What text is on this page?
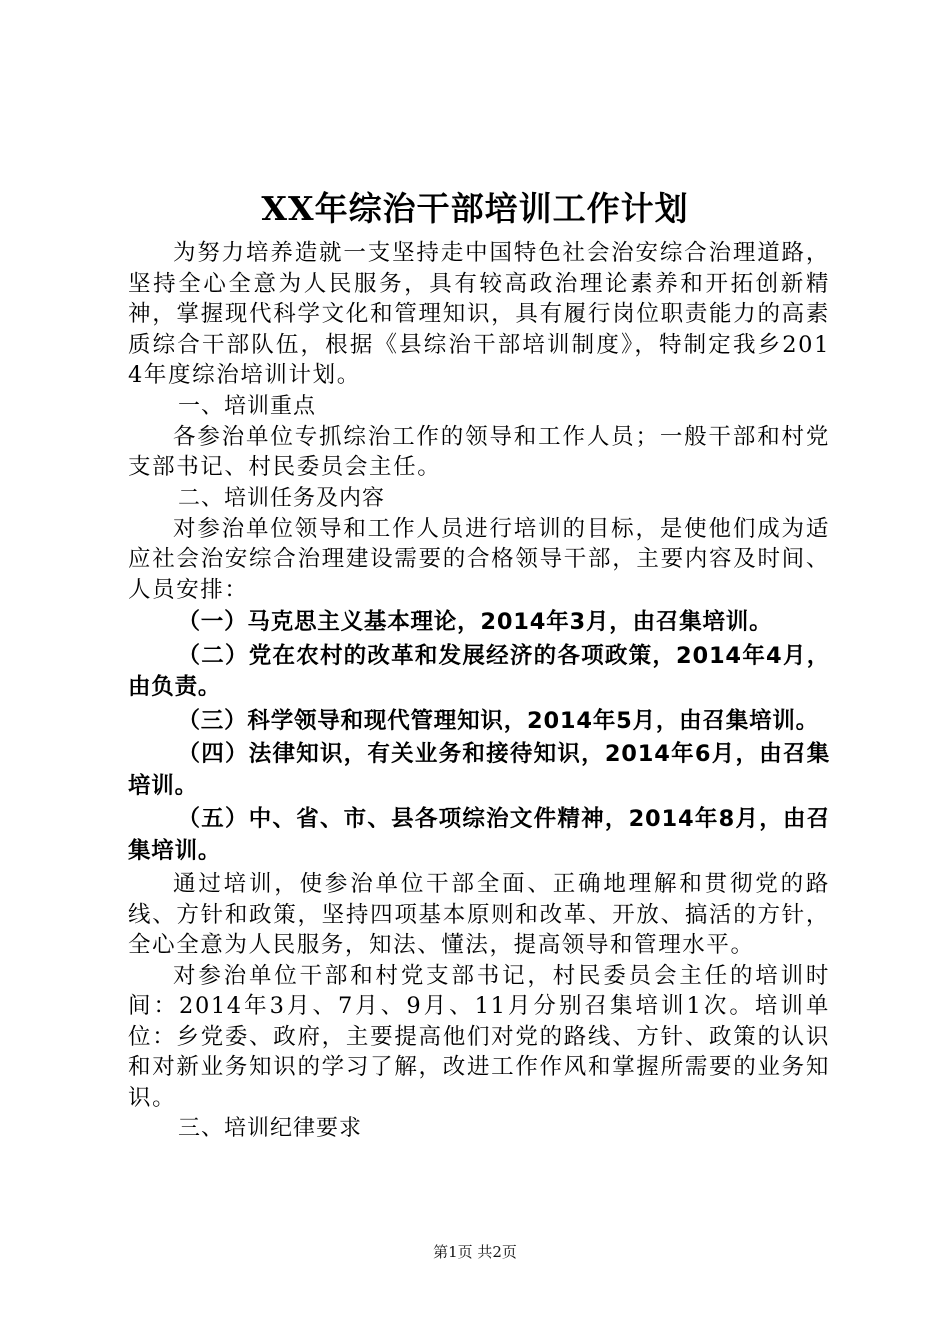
XX年综治干部培训工作计划

为努力培养造就一支坚持走中国特色社会治安综合治理道路，坚持全心全意为人民服务，具有较高政治理论素养和开拓创新精神，掌握现代科学文化和管理知识，具有履行岗位职责能力的高素质综合干部队伍，根据《县综治干部培训制度》，特制定我乡2014年度综治培训计划。

一、培训重点

各参治单位专抓综治工作的领导和工作人员；一般干部和村党支部书记、村民委员会主任。

二、培训任务及内容

对参治单位领导和工作人员进行培训的目标，是使他们成为适应社会治安综合治理建设需要的合格领导干部，主要内容及时间、人员安排：

（一）马克思主义基本理论，2014年3月，由召集培训。

（二）党在农村的改革和发展经济的各项政策，2014年4月，由负责。

（三）科学领导和现代管理知识，2014年5月，由召集培训。

（四）法律知识，有关业务和接待知识，2014年6月，由召集培训。

（五）中、省、市、县各项综治文件精神，2014年8月，由召集培训。

通过培训，使参治单位干部全面、正确地理解和贯彻党的路线、方针和政策，坚持四项基本原则和改革、开放、搞活的方针，全心全意为人民服务，知法、懂法，提高领导和管理水平。

对参治单位干部和村党支部书记，村民委员会主任的培训时间：2014年3月、7月、9月、11月分别召集培训1次。培训单位：乡党委、政府，主要提高他们对党的路线、方针、政策的认识和对新业务知识的学习了解，改进工作作风和掌握所需要的业务知识。

三、培训纪律要求
第1页 共2页
